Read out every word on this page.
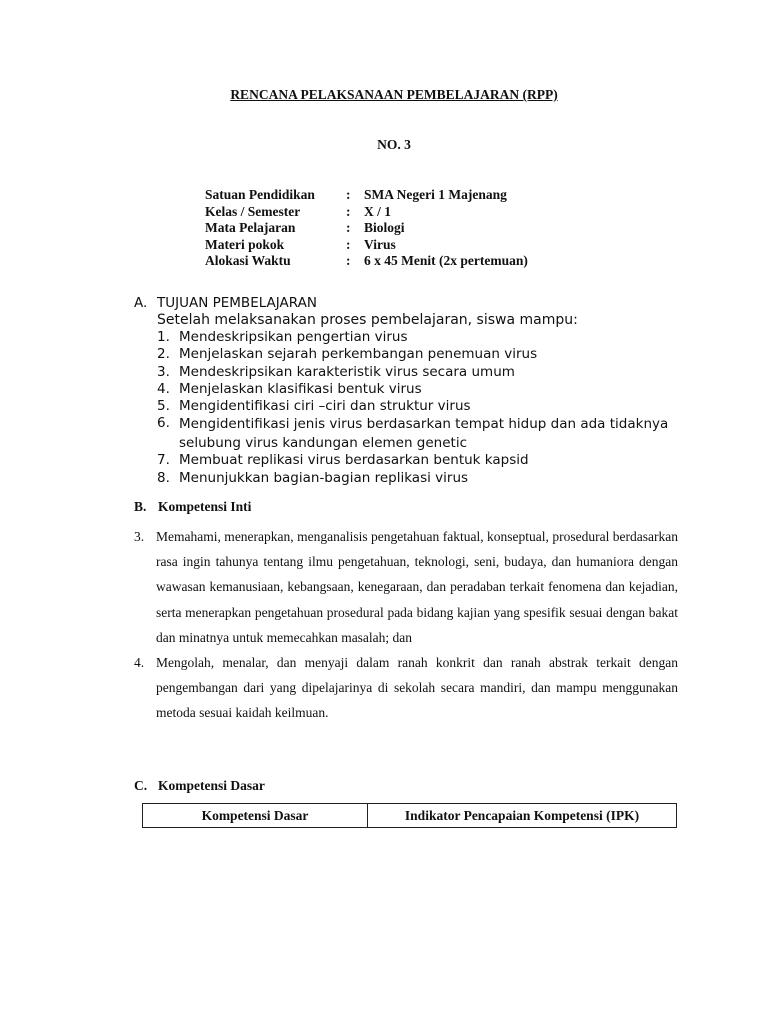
RENCANA PELAKSANAAN PEMBELAJARAN (RPP)
NO. 3
Satuan Pendidikan : SMA Negeri 1 Majenang
Kelas / Semester	: X / 1
Mata Pelajaran	: Biologi
Materi pokok	: Virus
Alokasi Waktu	: 6 x 45 Menit (2x pertemuan)
A. TUJUAN PEMBELAJARAN
Setelah melaksanakan proses pembelajaran, siswa mampu:
1. Mendeskripsikan pengertian virus
2. Menjelaskan sejarah perkembangan penemuan virus
3. Mendeskripsikan karakteristik virus secara umum
4. Menjelaskan klasifikasi bentuk virus
5. Mengidentifikasi ciri –ciri dan struktur virus
6. Mengidentifikasi jenis virus berdasarkan tempat hidup dan ada tidaknya selubung virus kandungan elemen genetic
7. Membuat replikasi virus berdasarkan bentuk kapsid
8. Menunjukkan bagian-bagian replikasi virus
B. Kompetensi Inti
3. Memahami, menerapkan, menganalisis pengetahuan faktual, konseptual, prosedural berdasarkan rasa ingin tahunya tentang ilmu pengetahuan, teknologi, seni, budaya, dan humaniora dengan wawasan kemanusiaan, kebangsaan, kenegaraan, dan peradaban terkait fenomena dan kejadian, serta menerapkan pengetahuan prosedural pada bidang kajian yang spesifik sesuai dengan bakat dan minatnya untuk memecahkan masalah; dan
4. Mengolah, menalar, dan menyaji dalam ranah konkrit dan ranah abstrak terkait dengan pengembangan dari yang dipelajarinya di sekolah secara mandiri, dan mampu menggunakan metoda sesuai kaidah keilmuan.
C. Kompetensi Dasar
Kompetensi Dasar	Indikator Pencapaian Kompetensi (IPK)
